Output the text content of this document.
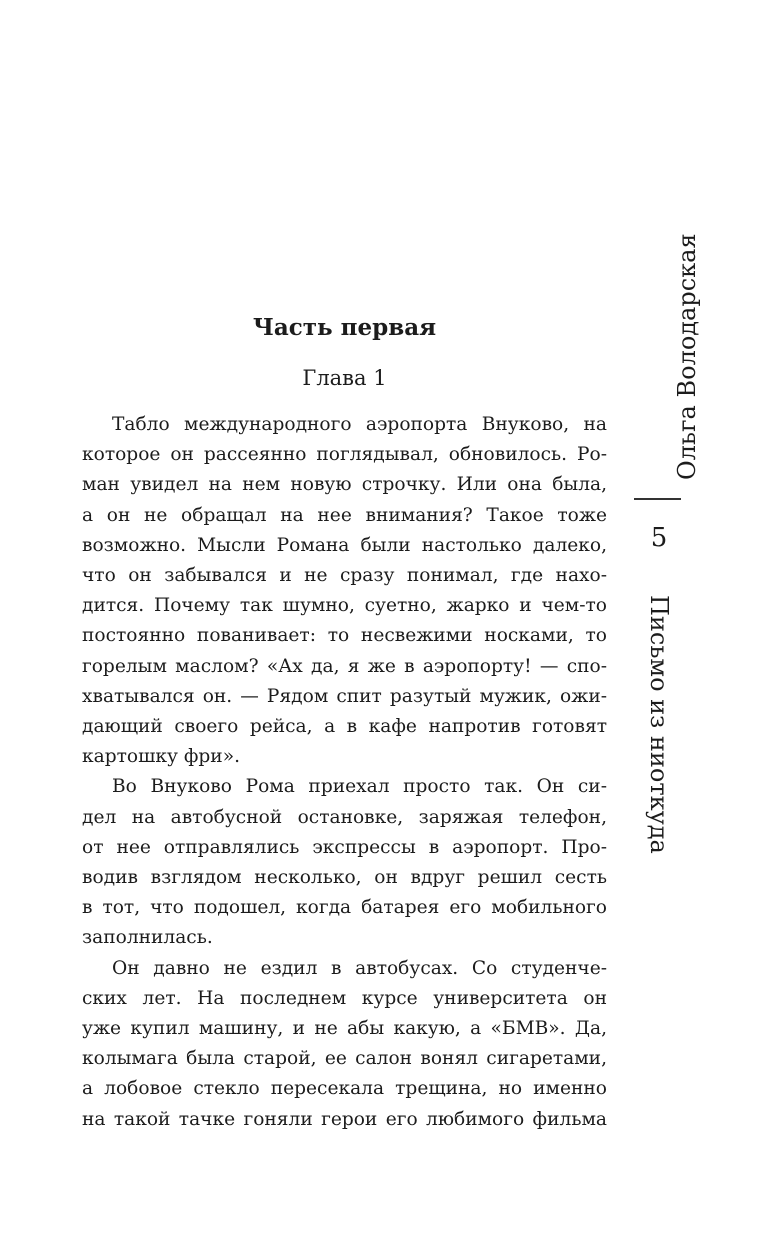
Часть первая
Глава 1

Табло международного аэропорта Внуково, на
которое он рассеянно поглядывал, обновилось. Ро-
ман увидел на нем новую строчку. Или она была,
а он не обращал на нее внимания? Такое тоже
возможно. Мысли Романа были настолько далеко,
что он забывался и не сразу понимал, где нахо-
дится. Почему так шумно, суетно, жарко и чем-то
постоянно пованивает: то несвежими носками, то
горелым маслом? «Ах да, я же в аэропорту! — спо-
хватывался он. — Рядом спит разутый мужик, ожи-
дающий своего рейса, а в кафе напротив готовят
картошку фри».

Во Внуково Рома приехал просто так. Он си-
дел на автобусной остановке, заряжая телефон,
от нее отправлялись экспрессы в аэропорт. Про-
водив взглядом несколько, он вдруг решил сесть
в тот, что подошел, когда батарея его мобильного
заполнилась.

Он давно не ездил в автобусах. Со студенче-
ских лет. На последнем курсе университета он
уже купил машину, и не абы какую, а «БМВ». Да,
колымага была старой, ее салон вонял сигаретами,
а лобовое стекло пересекала трещина, но именно
на такой тачке гоняли герои его любимого фильма

Ольга Володарская
5
Письмо из ниоткуда
